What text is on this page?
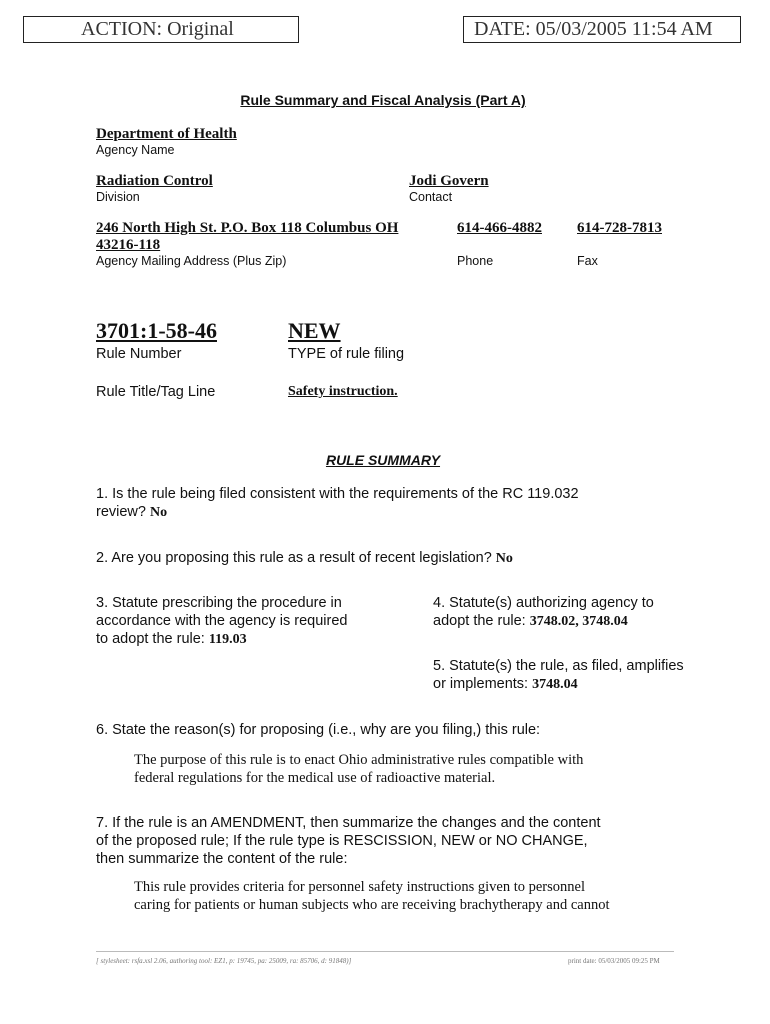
ACTION: Original	DATE: 05/03/2005 11:54 AM
Rule Summary and Fiscal Analysis (Part A)
Department of Health
Agency Name
Radiation Control
Division
Jodi Govern
Contact
246 North High St. P.O. Box 118 Columbus OH
43216-118
Agency Mailing Address (Plus Zip)
614-466-4882
Phone
614-728-7813
Fax
3701:1-58-46
Rule Number
NEW
TYPE of rule filing
Rule Title/Tag Line	Safety instruction.
RULE SUMMARY
1. Is the rule being filed consistent with the requirements of the RC 119.032
review? No
2. Are you proposing this rule as a result of recent legislation? No
3. Statute prescribing the procedure in
accordance with the agency is required
to adopt the rule: 119.03
4. Statute(s) authorizing agency to
adopt the rule: 3748.02, 3748.04
5. Statute(s) the rule, as filed, amplifies
or implements: 3748.04
6. State the reason(s) for proposing (i.e., why are you filing,) this rule:
The purpose of this rule is to enact Ohio administrative rules compatible with
federal regulations for the medical use of radioactive material.
7. If the rule is an AMENDMENT, then summarize the changes and the content
of the proposed rule; If the rule type is RESCISSION, NEW or NO CHANGE,
then summarize the content of the rule:
This rule provides criteria for personnel safety instructions given to personnel
caring for patients or human subjects who are receiving brachytherapy and cannot
[ stylesheet: rsfa.xsl 2.06, authoring tool: EZ1, p: 19745, pa: 25009, ra: 85706, d: 91848)]	print date: 05/03/2005 09:25 PM
